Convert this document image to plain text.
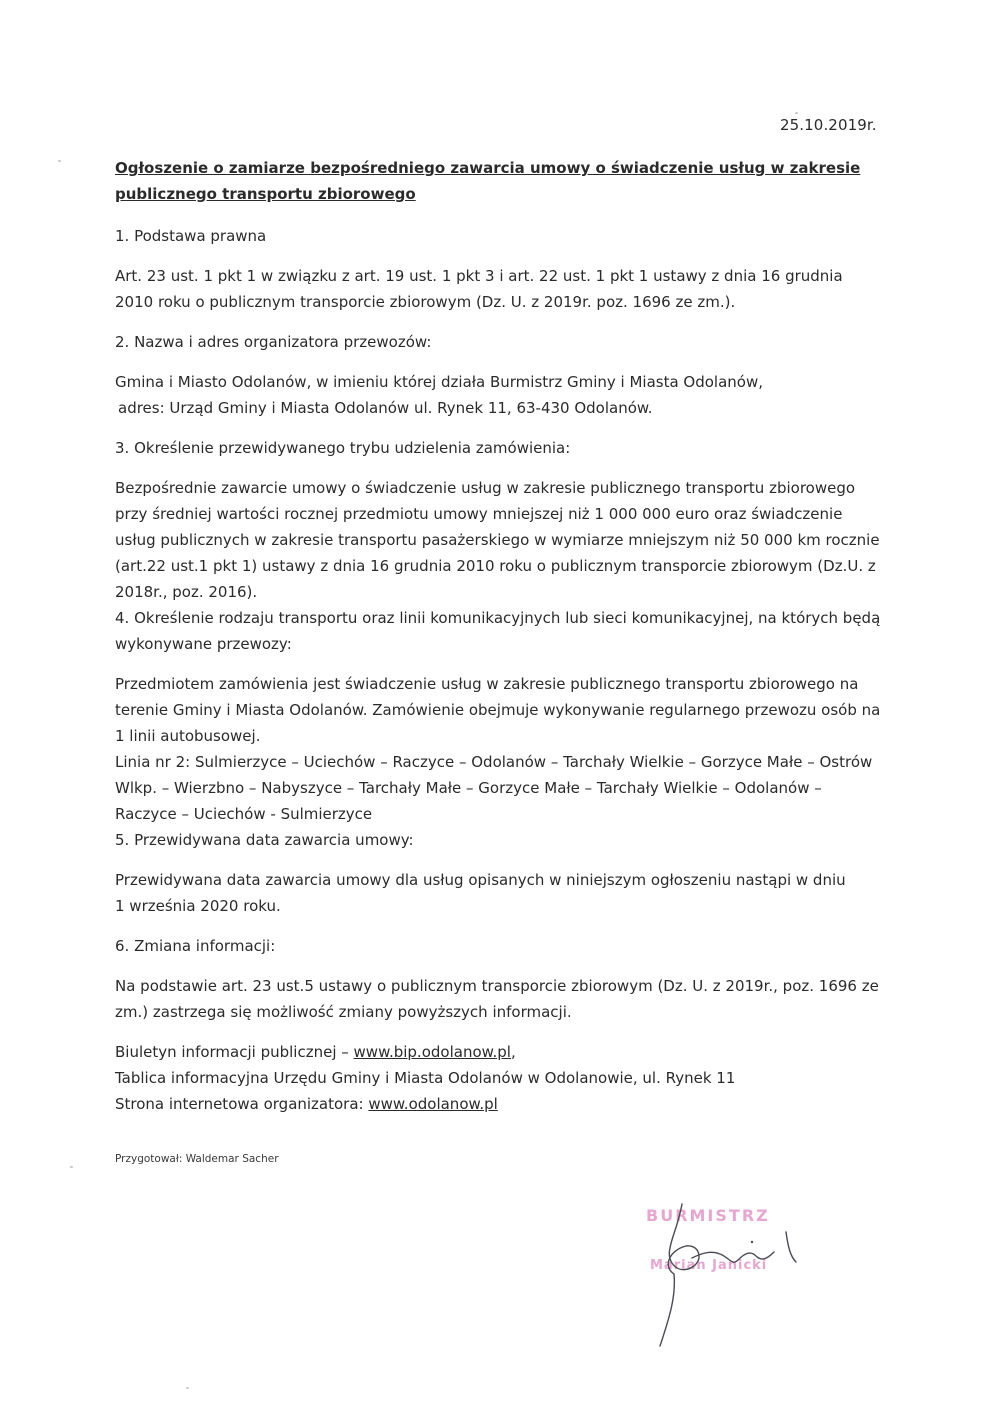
25.10.2019r.

Ogłoszenie o zamiarze bezpośredniego zawarcia umowy o świadczenie usług w zakresie publicznego transportu zbiorowego

1. Podstawa prawna

Art. 23 ust. 1 pkt 1 w związku z art. 19 ust. 1 pkt 3 i art. 22 ust. 1 pkt 1 ustawy z dnia 16 grudnia 2010 roku o publicznym transporcie zbiorowym (Dz. U. z 2019r. poz. 1696 ze zm.).

2. Nazwa i adres organizatora przewozów:

Gmina i Miasto Odolanów, w imieniu której działa Burmistrz Gminy i Miasta Odolanów,

adres: Urząd Gminy i Miasta Odolanów ul. Rynek 11, 63-430 Odolanów.

3. Określenie przewidywanego trybu udzielenia zamówienia:

Bezpośrednie zawarcie umowy o świadczenie usług w zakresie publicznego transportu zbiorowego przy średniej wartości rocznej przedmiotu umowy mniejszej niż 1 000 000 euro oraz świadczenie usług publicznych w zakresie transportu pasażerskiego w wymiarze mniejszym niż 50 000 km rocznie (art.22 ust.1 pkt 1) ustawy z dnia 16 grudnia 2010 roku o publicznym transporcie zbiorowym (Dz.U. z 2018r., poz. 2016).

4. Określenie rodzaju transportu oraz linii komunikacyjnych lub sieci komunikacyjnej, na których będą wykonywane przewozy:

Przedmiotem zamówienia jest świadczenie usług w zakresie publicznego transportu zbiorowego na terenie Gminy i Miasta Odolanów. Zamówienie obejmuje wykonywanie regularnego przewozu osób na 1 linii autobusowej.

Linia nr 2: Sulmierzyce – Uciechów – Raczyce – Odolanów – Tarchały Wielkie – Gorzyce Małe – Ostrów Wlkp. – Wierzbno – Nabyszyce – Tarchały Małe – Gorzyce Małe – Tarchały Wielkie – Odolanów – Raczyce – Uciechów - Sulmierzyce

5. Przewidywana data zawarcia umowy:

Przewidywana data zawarcia umowy dla usług opisanych w niniejszym ogłoszeniu nastąpi w dniu

1 września 2020 roku.

6. Zmiana informacji:

Na podstawie art. 23 ust.5 ustawy o publicznym transporcie zbiorowym (Dz. U. z 2019r., poz. 1696 ze zm.) zastrzega się możliwość zmiany powyższych informacji.

Biuletyn informacji publicznej – www.bip.odolanow.pl,

Tablica informacyjna Urzędu Gminy i Miasta Odolanów w Odolanowie, ul. Rynek 11

Strona internetowa organizatora: www.odolanow.pl

Przygotował: Waldemar Sacher
BURMISTRZ
Marian Janicki
